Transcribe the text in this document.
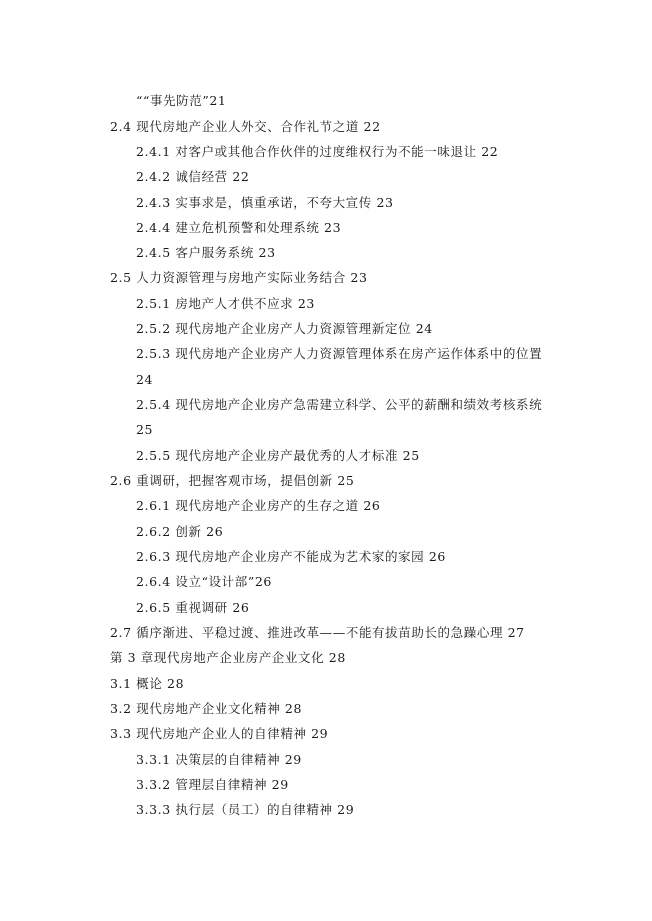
““事先防范”21
2.4 现代房地产企业人外交、合作礼节之道 22
2.4.1 对客户或其他合作伙伴的过度维权行为不能一味退让 22
2.4.2 诚信经营 22
2.4.3 实事求是，慎重承诺，不夸大宣传 23
2.4.4 建立危机预警和处理系统 23
2.4.5 客户服务系统 23
2.5 人力资源管理与房地产实际业务结合 23
2.5.1 房地产人才供不应求 23
2.5.2 现代房地产企业房产人力资源管理新定位 24
2.5.3 现代房地产企业房产人力资源管理体系在房产运作体系中的位置
24
2.5.4 现代房地产企业房产急需建立科学、公平的薪酬和绩效考核系统
25
2.5.5 现代房地产企业房产最优秀的人才标准 25
2.6 重调研，把握客观市场，提倡创新 25
2.6.1 现代房地产企业房产的生存之道 26
2.6.2 创新 26
2.6.3 现代房地产企业房产不能成为艺术家的家园 26
2.6.4 设立“设计部”26
2.6.5 重视调研 26
2.7 循序渐进、平稳过渡、推进改革——不能有拔苗助长的急躁心理 27
第 3 章现代房地产企业房产企业文化 28
3.1 概论 28
3.2 现代房地产企业文化精神 28
3.3 现代房地产企业人的自律精神 29
3.3.1 决策层的自律精神 29
3.3.2 管理层自律精神 29
3.3.3 执行层（员工）的自律精神 29
